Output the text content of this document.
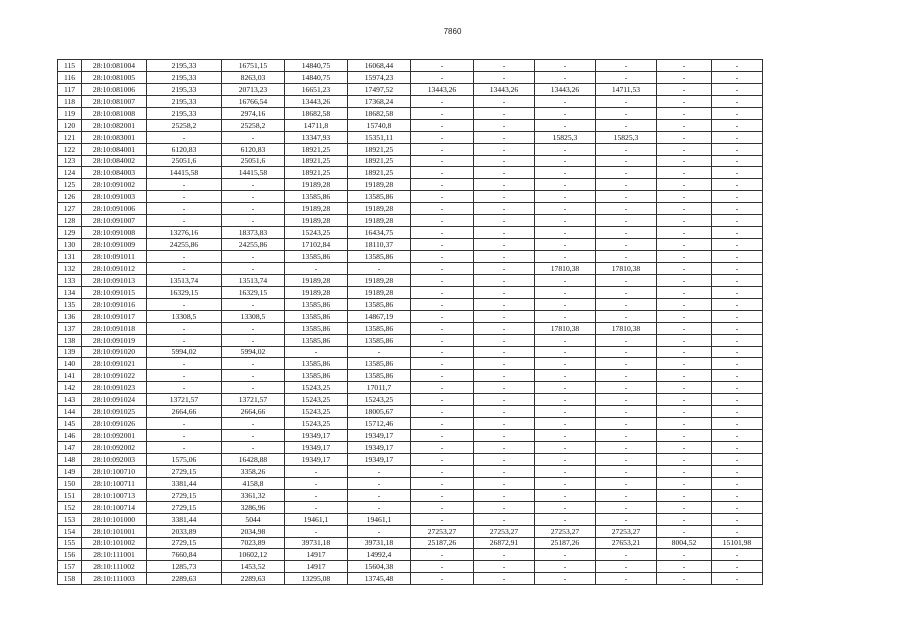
7860
115	28:10:081004	2195,33	16751,15	14840,75	16068,44	-	-	-	-	-	-
116	28:10:081005	2195,33	8263,03	14840,75	15974,23	-	-	-	-	-	-
117	28:10:081006	2195,33	20713,23	16651,23	17497,52	13443,26	13443,26	13443,26	14711,53	-	-
118	28:10:081007	2195,33	16766,54	13443,26	17368,24	-	-	-	-	-	-
119	28:10:081008	2195,33	2974,16	18682,58	18682,58	-	-	-	-	-	-
120	28:10:082001	25258,2	25258,2	14711,8	15740,8	-	-	-	-	-	-
121	28:10:083001	-	-	13347,93	15351,11	-	-	15825,3	15825,3	-	-
122	28:10:084001	6120,83	6120,83	18921,25	18921,25	-	-	-	-	-	-
123	28:10:084002	25051,6	25051,6	18921,25	18921,25	-	-	-	-	-	-
124	28:10:084003	14415,58	14415,58	18921,25	18921,25	-	-	-	-	-	-
125	28:10:091002	-	-	19189,28	19189,28	-	-	-	-	-	-
126	28:10:091003	-	-	13585,86	13585,86	-	-	-	-	-	-
127	28:10:091006	-	-	19189,28	19189,28	-	-	-	-	-	-
128	28:10:091007	-	-	19189,28	19189,28	-	-	-	-	-	-
129	28:10:091008	13276,16	18373,83	15243,25	16434,75	-	-	-	-	-	-
130	28:10:091009	24255,86	24255,86	17102,84	18110,37	-	-	-	-	-	-
131	28:10:091011	-	-	13585,86	13585,86	-	-	-	-	-	-
132	28:10:091012	-	-	-	-	-	-	17810,38	17810,38	-	-
133	28:10:091013	13513,74	13513,74	19189,28	19189,28	-	-	-	-	-	-
134	28:10:091015	16329,15	16329,15	19189,28	19189,28	-	-	-	-	-	-
135	28:10:091016	-	-	13585,86	13585,86	-	-	-	-	-	-
136	28:10:091017	13308,5	13308,5	13585,86	14867,19	-	-	-	-	-	-
137	28:10:091018	-	-	13585,86	13585,86	-	-	17810,38	17810,38	-	-
138	28:10:091019	-	-	13585,86	13585,86	-	-	-	-	-	-
139	28:10:091020	5994,02	5994,02	-	-	-	-	-	-	-	-
140	28:10:091021	-	-	13585,86	13585,86	-	-	-	-	-	-
141	28:10:091022	-	-	13585,86	13585,86	-	-	-	-	-	-
142	28:10:091023	-	-	15243,25	17011,7	-	-	-	-	-	-
143	28:10:091024	13721,57	13721,57	15243,25	15243,25	-	-	-	-	-	-
144	28:10:091025	2664,66	2664,66	15243,25	18005,67	-	-	-	-	-	-
145	28:10:091026	-	-	15243,25	15712,46	-	-	-	-	-	-
146	28:10:092001	-	-	19349,17	19349,17	-	-	-	-	-	-
147	28:10:092002	-	-	19349,17	19349,17	-	-	-	-	-	-
148	28:10:092003	1575,06	16428,88	19349,17	19349,17	-	-	-	-	-	-
149	28:10:100710	2729,15	3358,26	-	-	-	-	-	-	-	-
150	28:10:100711	3381,44	4158,8	-	-	-	-	-	-	-	-
151	28:10:100713	2729,15	3361,32	-	-	-	-	-	-	-	-
152	28:10:100714	2729,15	3286,96	-	-	-	-	-	-	-	-
153	28:10:101000	3381,44	5044	19461,1	19461,1	-	-	-	-	-	-
154	28:10:101001	2033,89	2034,98	-	-	27253,27	27253,27	27253,27	27253,27	-	-
155	28:10:101002	2729,15	7023,89	39731,18	39731,18	25187,26	26872,91	25187,26	27653,21	8004,52	15101,98
156	28:10:111001	7660,84	10602,12	14917	14992,4	-	-	-	-	-	-
157	28:10:111002	1285,73	1453,52	14917	15604,38	-	-	-	-	-	-
158	28:10:111003	2289,63	2289,63	13295,08	13745,48	-	-	-	-	-	-
